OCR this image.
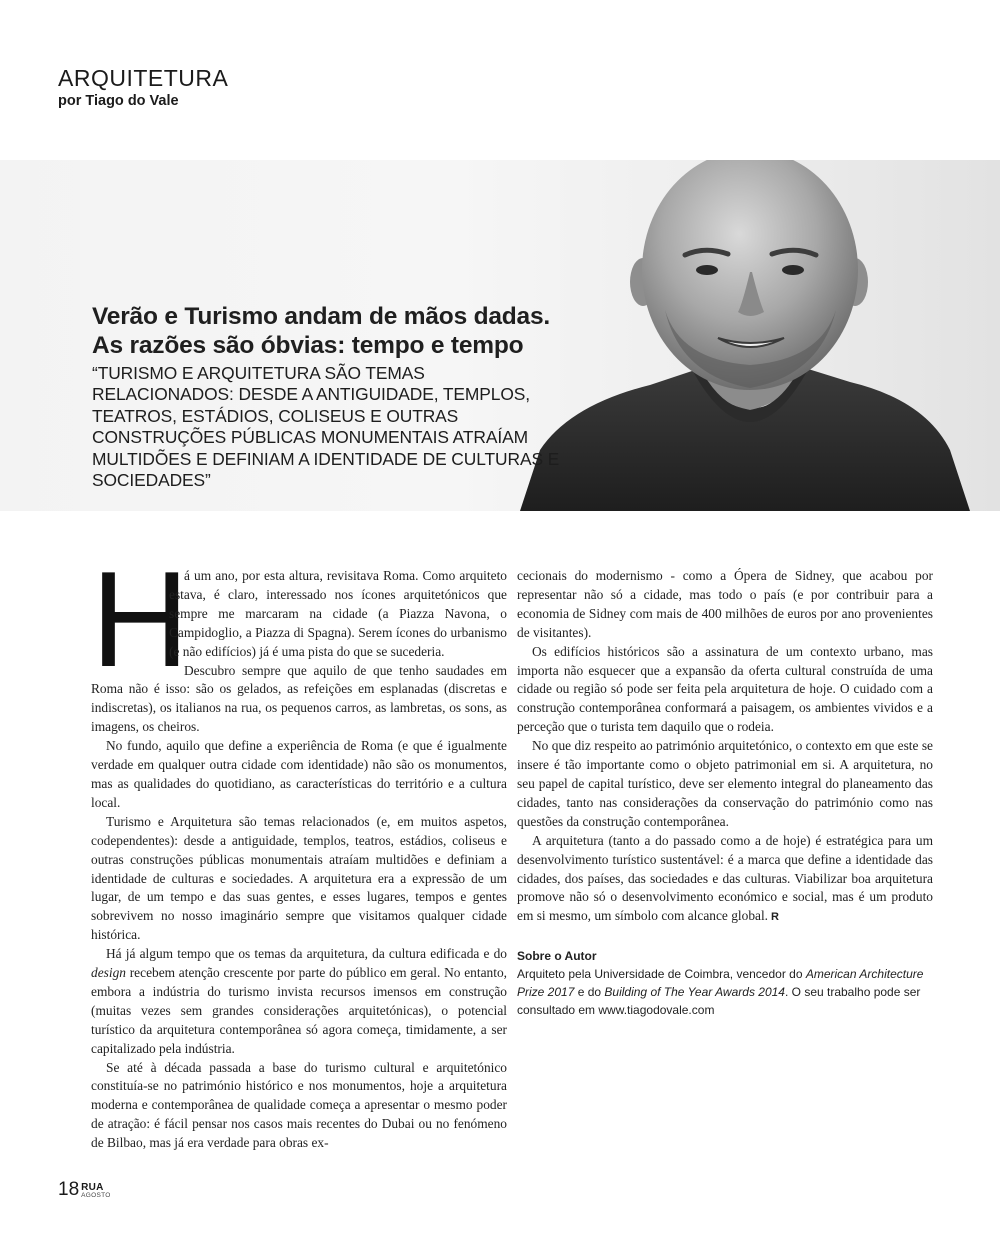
ARQUITETURA
por Tiago do Vale
Verão e Turismo andam de mãos dadas.
As razões são óbvias: tempo e tempo

“TURISMO E ARQUITETURA SÃO TEMAS RELACIONADOS: DESDE A ANTIGUIDADE, TEMPLOS, TEATROS, ESTÁDIOS, COLISEUS E OUTRAS CONSTRUÇÕES PÚBLICAS MONUMENTAIS ATRAÍAM MULTIDÕES E DEFINIAM A IDENTIDADE DE CULTURAS E SOCIEDADES”

H

á um ano, por esta altura, revisitava Roma. Como arquiteto estava, é claro, interessado nos ícones arquitetónicos que sempre me marcaram na cidade (a Piazza Navona, o Campidoglio, a Piazza di Spagna). Serem ícones do urbanismo (e não edifícios) já é uma pista do que se sucederia.

Descubro sempre que aquilo de que tenho saudades em Roma não é isso: são os gelados, as refeições em esplanadas (discretas e indiscretas), os italianos na rua, os pequenos carros, as lambretas, os sons, as imagens, os cheiros.

No fundo, aquilo que define a experiência de Roma (e que é igualmente verdade em qualquer outra cidade com identidade) não são os monumentos, mas as qualidades do quotidiano, as características do território e a cultura local.

Turismo e Arquitetura são temas relacionados (e, em muitos aspetos, codependentes): desde a antiguidade, templos, teatros, estádios, coliseus e outras construções públicas monumentais atraíam multidões e definiam a identidade de culturas e sociedades. A arquitetura era a expressão de um lugar, de um tempo e das suas gentes, e esses lugares, tempos e gentes sobrevivem no nosso imaginário sempre que visitamos qualquer cidade histórica.

Há já algum tempo que os temas da arquitetura, da cultura edificada e do design recebem atenção crescente por parte do público em geral. No entanto, embora a indústria do turismo invista recursos imensos em construção (muitas vezes sem grandes considerações arquitetónicas), o potencial turístico da arquitetura contemporânea só agora começa, timidamente, a ser capitalizado pela indústria.

Se até à década passada a base do turismo cultural e arquitetónico constituía-se no património histórico e nos monumentos, hoje a arquitetura moderna e contemporânea de qualidade começa a apresentar o mesmo poder de atração: é fácil pensar nos casos mais recentes do Dubai ou no fenómeno de Bilbao, mas já era verdade para obras ex-

cecionais do modernismo - como a Ópera de Sidney, que acabou por representar não só a cidade, mas todo o país (e por contribuir para a economia de Sidney com mais de 400 milhões de euros por ano provenientes de visitantes).

Os edifícios históricos são a assinatura de um contexto urbano, mas importa não esquecer que a expansão da oferta cultural construída de uma cidade ou região só pode ser feita pela arquitetura de hoje. O cuidado com a construção contemporânea conformará a paisagem, os ambientes vividos e a perceção que o turista tem daquilo que o rodeia.

No que diz respeito ao património arquitetónico, o contexto em que este se insere é tão importante como o objeto patrimonial em si. A arquitetura, no seu papel de capital turístico, deve ser elemento integral do planeamento das cidades, tanto nas considerações da conservação do património como nas questões da construção contemporânea.

A arquitetura (tanto a do passado como a de hoje) é estratégica para um desenvolvimento turístico sustentável: é a marca que define a identidade das cidades, dos países, das sociedades e das culturas. Viabilizar boa arquitetura promove não só o desenvolvimento económico e social, mas é um produto em si mesmo, um símbolo com alcance global. R

Sobre o Autor
Arquiteto pela Universidade de Coimbra, vencedor do American Architecture Prize 2017 e do Building of The Year Awards 2014. O seu trabalho pode ser consultado em www.tiagodovale.com
18 RUA
AGOSTO
